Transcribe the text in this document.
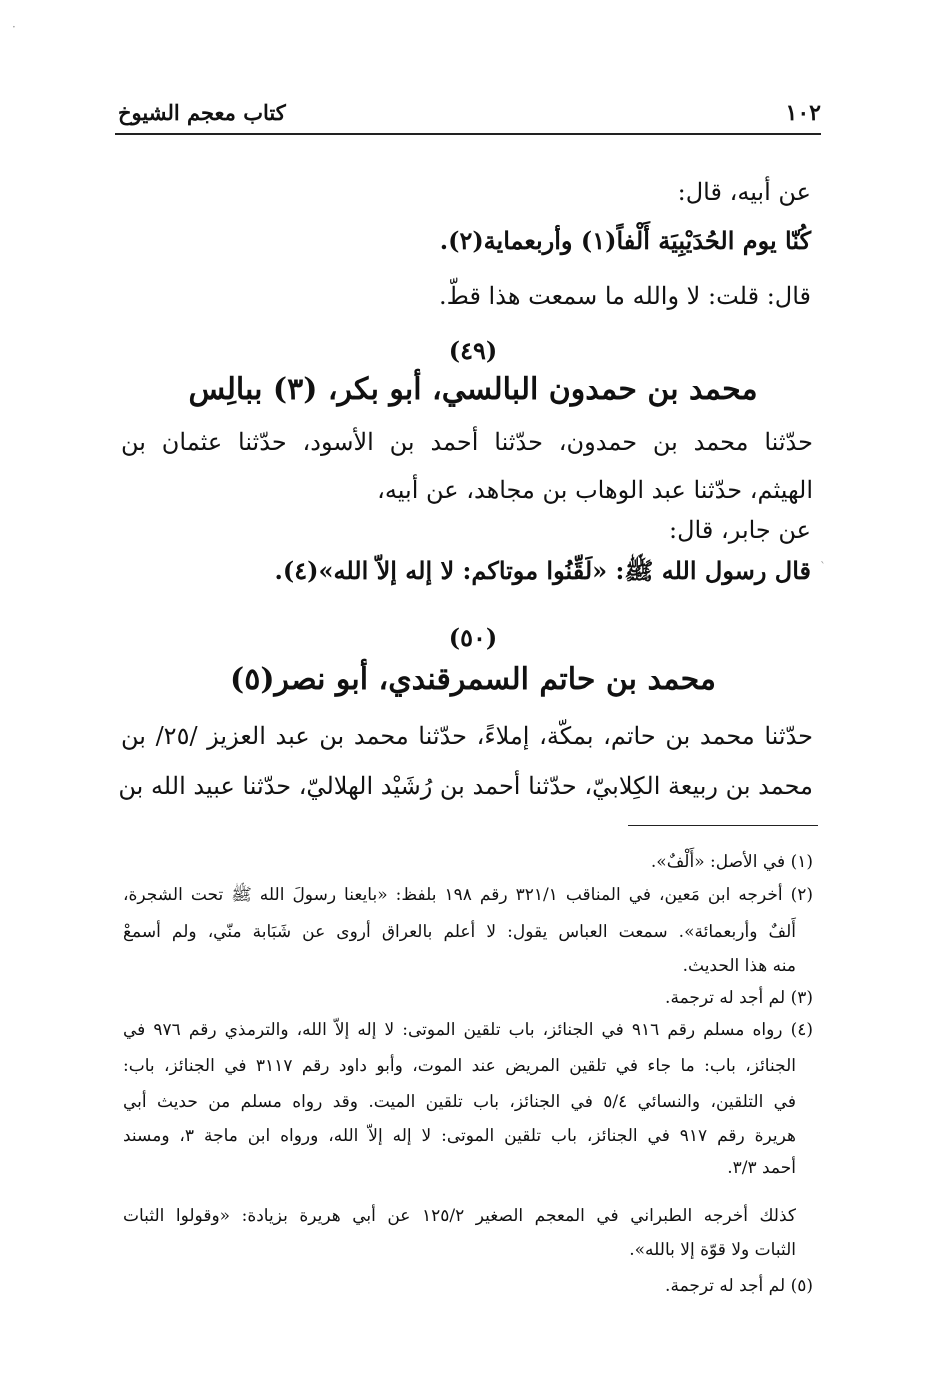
١٠٢
كتاب معجم الشيوخ
عن أبيه، قال:
كُنّا يوم الحُدَيْبِيَة أَلْفاً(١) وأربعماية(٢).
قال: قلت: لا والله ما سمعت هذا قطّ.
(٤٩)
محمد بن حمدون البالسي، أبو بكر، (٣) ببالِس
حدّثنا محمد بن حمدون، حدّثنا أحمد بن الأسود، حدّثنا عثمان بن
الهيثم، حدّثنا عبد الوهاب بن مجاهد، عن أبيه،
عن جابر، قال:
قال رسول الله ﷺ: «لَقِّنُوا موتاكم: لا إله إلاّ الله»(٤).
(٥٠)
محمد بن حاتم السمرقندي، أبو نصر(٥)
حدّثنا محمد بن حاتم، بمكّة، إملاءً، حدّثنا محمد بن عبد العزيز /٢٥/ بن
محمد بن ربيعة الكِلابيّ، حدّثنا أحمد بن رُشَيْد الهلاليّ، حدّثنا عبيد الله بن
(١) في الأصل: «أَلْفٌ».
(٢) أخرجه ابن مَعين، في المناقب ٣٢١/١ رقم ١٩٨ بلفظ: «بايعنا رسولَ الله ﷺ تحت الشجرة،
أَلفٌ وأربعمائة». سمعت العباس يقول: لا أعلم بالعراق أروى عن شَبَابة منّي، ولم أسمعْ
منه هذا الحديث.
(٣) لم أجد له ترجمة.
(٤) رواه مسلم رقم ٩١٦ في الجنائز، باب تلقين الموتى: لا إله إلاّ الله، والترمذي رقم ٩٧٦ في
الجنائز، باب: ما جاء في تلقين المريض عند الموت، وأبو داود رقم ٣١١٧ في الجنائز، باب:
في التلقين، والنسائي ٥/٤ في الجنائز، باب تلقين الميت. وقد رواه مسلم من حديث أبي
هريرة رقم ٩١٧ في الجنائز، باب تلقين الموتى: لا إله إلاّ الله، ورواه ابن ماجة ٣، ومسند
أحمد ٣/٣.
كذلك أخرجه الطبراني في المعجم الصغير ١٢٥/٢ عن أبي هريرة بزيادة: «وقولوا الثبات
الثبات ولا قوّة إلا بالله».
(٥) لم أجد له ترجمة.
·
ˋ
